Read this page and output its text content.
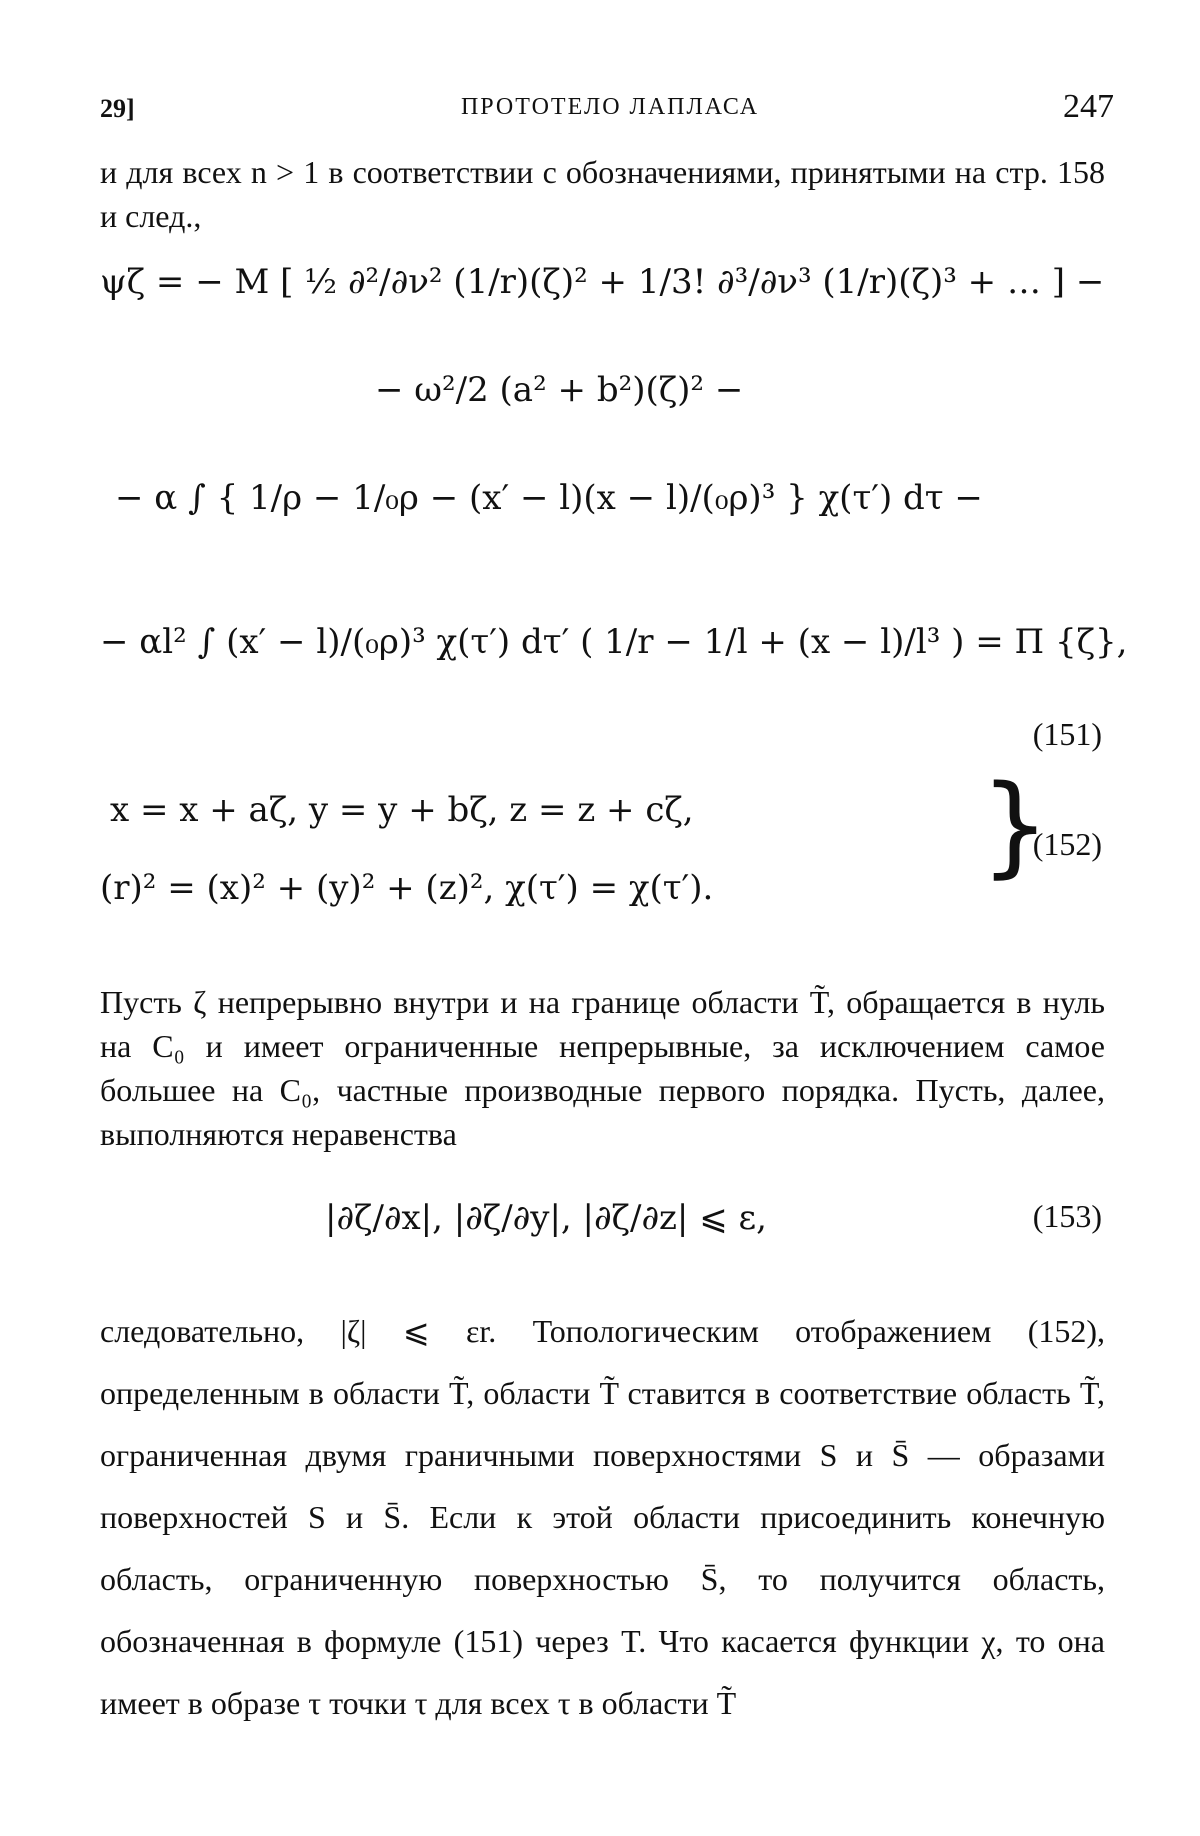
29]	ПРОТОТЕЛО ЛАПЛАСА	247

и для всех n > 1 в соответствии с обозначениями, принятыми на стр. 158 и след.,

ψζ = − M [ ½ ∂²/∂ν² (1/r)(ζ)² + 1/3! ∂³/∂ν³ (1/r)(ζ)³ + … ] −
− ω²/2 (a² + b²)(ζ)² −
− α ∫ { 1/ρ − 1/₀ρ − (x′ − l)(x − l)/(₀ρ)³ } χ(τ′) dτ −
− αl² ∫ (x′ − l)/(₀ρ)³ χ(τ′) dτ′ ( 1/r − 1/l + (x − l)/l³ ) = Π {ζ},
(151)
x = x + aζ, y = y + bζ, z = z + cζ,
(r)² = (x)² + (y)² + (z)², χ(τ′) = χ(τ′). }
(152)

Пусть ζ непрерывно внутри и на границе области T̃, обращается в нуль на C₀ и имеет ограниченные непрерывные, за исключением самое большее на C₀, частные производные первого порядка. Пусть, далее, выполняются неравенства

|∂ζ/∂x|, |∂ζ/∂y|, |∂ζ/∂z| ⩽ ε,	(153)

следовательно, |ζ| ⩽ εr. Топологическим отображением (152), определенным в области T̃, области T̃ ставится в соответствие область T̃, ограниченная двумя граничными поверхностями S и S̄ — образами поверхностей S и S̄. Если к этой области присоединить конечную область, ограниченную поверхностью S̄, то получится область, обозначенная в формуле (151) через T. Что касается функции χ, то она имеет в образе τ точки τ для всех τ в области T̃
